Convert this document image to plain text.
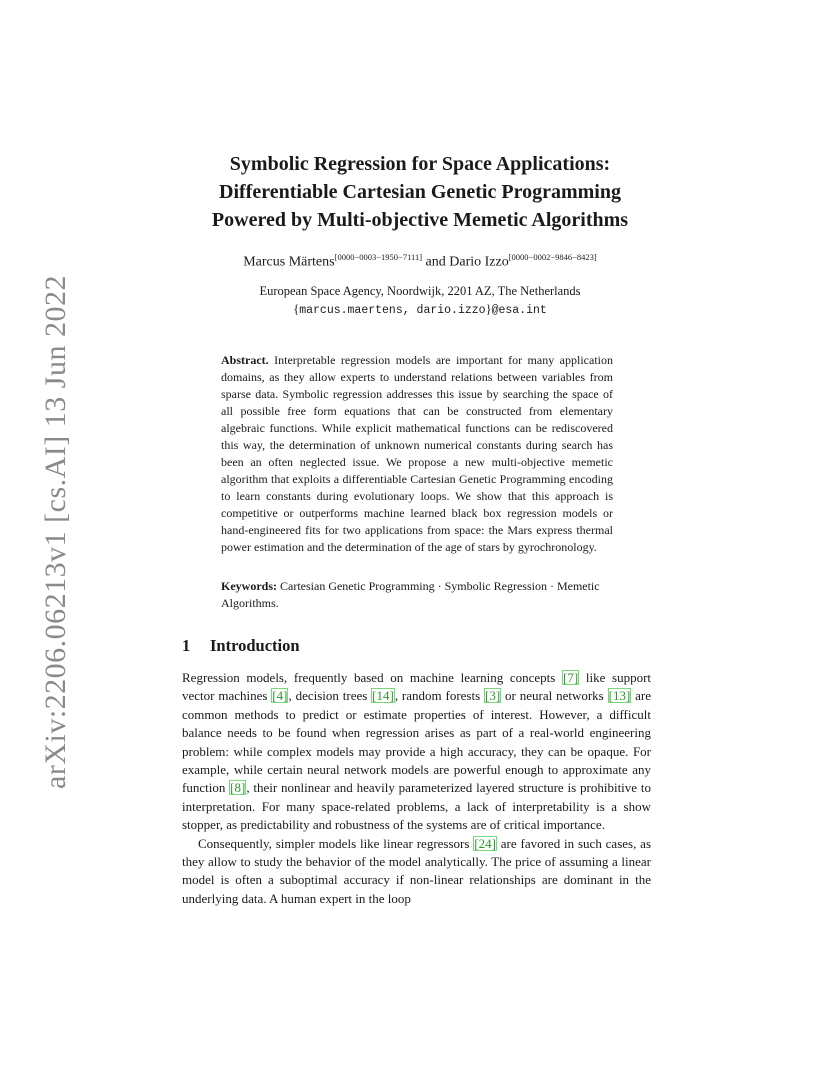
arXiv:2206.06213v1 [cs.AI] 13 Jun 2022
Symbolic Regression for Space Applications:
Differentiable Cartesian Genetic Programming
Powered by Multi-objective Memetic Algorithms
Marcus Märtens[0000−0003−1950−7111] and Dario Izzo[0000−0002−9846−8423]
European Space Agency, Noordwijk, 2201 AZ, The Netherlands
{marcus.maertens, dario.izzo}@esa.int

Abstract. Interpretable regression models are important for many application domains, as they allow experts to understand relations between variables from sparse data. Symbolic regression addresses this issue by searching the space of all possible free form equations that can be constructed from elementary algebraic functions. While explicit mathematical functions can be rediscovered this way, the determination of unknown numerical constants during search has been an often neglected issue. We propose a new multi-objective memetic algorithm that exploits a differentiable Cartesian Genetic Programming encoding to learn constants during evolutionary loops. We show that this approach is competitive or outperforms machine learned black box regression models or hand-engineered fits for two applications from space: the Mars express thermal power estimation and the determination of the age of stars by gyrochronology.

Keywords: Cartesian Genetic Programming · Symbolic Regression · Memetic Algorithms.

1 Introduction

Regression models, frequently based on machine learning concepts [7] like support vector machines [4], decision trees [14], random forests [3] or neural networks [13] are common methods to predict or estimate properties of interest. However, a difficult balance needs to be found when regression arises as part of a real-world engineering problem: while complex models may provide a high accuracy, they can be opaque. For example, while certain neural network models are powerful enough to approximate any function [8], their nonlinear and heavily parameterized layered structure is prohibitive to interpretation. For many space-related problems, a lack of interpretability is a show stopper, as predictability and robustness of the systems are of critical importance.

Consequently, simpler models like linear regressors [24] are favored in such cases, as they allow to study the behavior of the model analytically. The price of assuming a linear model is often a suboptimal accuracy if non-linear relationships are dominant in the underlying data. A human expert in the loop
